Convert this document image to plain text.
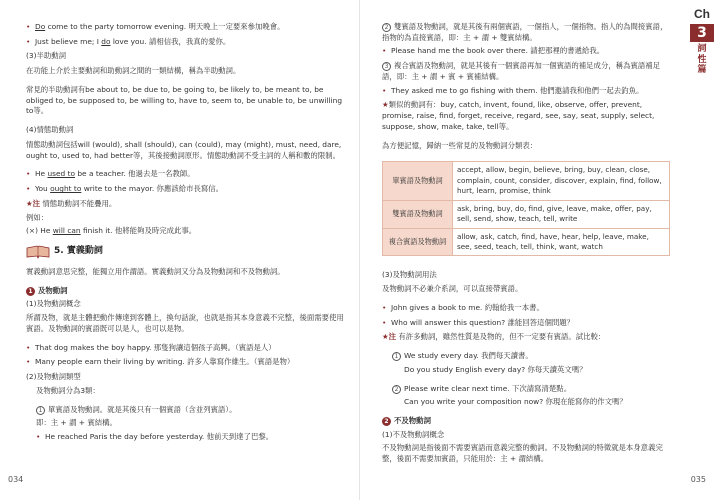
• Do come to the party tomorrow evening. 明天晚上一定要來參加晚會。
• Just believe me; I do love you. 請相信我，我真的愛你。

(3)半助動詞

在功能上介於主要動詞和助動詞之間的一類結構，稱為半助動詞。

常見的半助動詞有be about to, be due to, be going to, be likely to, be meant to, be obliged to, be supposed to, be willing to, have to, seem to, be unable to, be unwilling to等。

(4)情態助動詞

情態助動詞包括will (would), shall (should), can (could), may (might), must, need, dare, ought to, used to, had better等，其後接動詞原形。情態助動詞不受主詞的人稱和數的限制。

• He used to be a teacher. 他過去是一名教師。
• You ought to write to the mayor. 你應該給市長寫信。

★注 情態助動詞不能疊用。

例如：

(×) He will can finish it. 他將能夠及時完成此事。

5. 實義動詞

實義動詞意思完整，能獨立用作謂語。實義動詞又分為及物動詞和不及物動詞。

1 及物動詞

(1)及物動詞概念

所謂及物，就是主體把動作傳達到客體上，換句話說，也就是指其本身意義不完整，後面需要使用賓語。及物動詞的賓語既可以是人，也可以是物。

• That dog makes the boy happy. 那隻狗讓這個孩子高興。（賓語是人）
• Many people earn their living by writing. 許多人靠寫作維生。（賓語是物）

(2)及物動詞類型

及物動詞分為3類：

1 單賓語及物動詞。就是其後只有一個賓語（含並列賓語）。

即：主 + 謂 + 賓結構。

• He reached Paris the day before yesterday. 他前天到達了巴黎。
034

2 雙賓語及物動詞，就是其後有兩個賓語，一個指人，一個指物。指人的為間接賓語，指物的為直接賓語，即：主 + 謂 + 雙賓結構。

• Please hand me the book over there. 請把那裡的書遞給我。

3 複合賓語及物動詞，就是其後有一個賓語再加一個賓語的補足成分，稱為賓語補足語，即：主 + 謂 + 賓 + 賓補結構。

• They asked me to go fishing with them. 他們邀請我和他們一起去釣魚。

★類似的動詞有：buy, catch, invent, found, like, observe, offer, prevent, promise, raise, find, forget, receive, regard, see, say, seat, supply, select, suppose, show, make, take, tell等。

為方便記憶，歸納一些常見的及物動詞分類表：

單賓語及物動詞	accept, allow, begin, believe, bring, buy, clean, close, complain, count, consider, discover, explain, find, follow, hurt, learn, promise, think
雙賓語及物動詞	ask, bring, buy, do, find, give, leave, make, offer, pay, sell, send, show, teach, tell, write
複合賓語及物動詞	allow, ask, catch, find, have, hear, help, leave, make, see, seed, teach, tell, think, want, watch

(3)及物動詞用法

及物動詞不必兼介系詞，可以直接帶賓語。

• John gives a book to me. 約翰給我一本書。
• Who will answer this question? 誰能回答這個問題？

★注 有許多動詞，雖然性質是及物的，但不一定要有賓語。試比較：

1 We study every day. 我們每天讀書。

Do you study English every day? 你每天讀英文嗎？

2 Please write clear next time. 下次請寫清楚點。

Can you write your composition now? 你現在能寫你的作文嗎？

2 不及物動詞

(1)不及物動詞概念

不及物動詞是指後面不需要賓語而意義完整的動詞。不及物動詞的特徵就是本身意義完整，後面不需要加賓語，只能用於：主 + 謂結構。

035
Ch
3
詞
性
篇
